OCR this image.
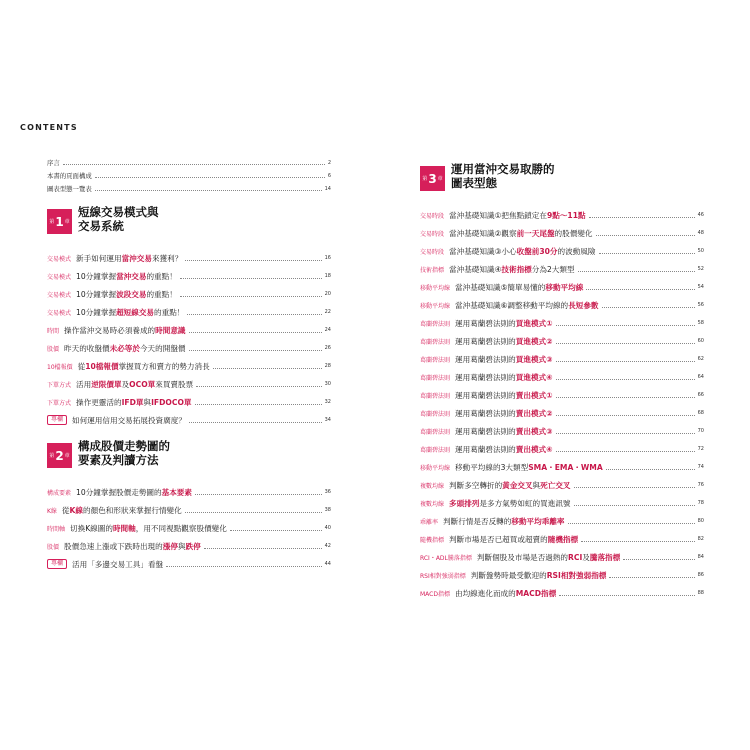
CONTENTS
序言	2
本書的頁面構成	6
圖表型態一覽表	14
第 1 章
短線交易模式與
交易系統
交易模式 新手如何運用當沖交易來獲利？	16
交易模式 10分鐘掌握當沖交易的重點！	18
交易模式 10分鐘掌握波段交易的重點！	20
交易模式 10分鐘掌握超短線交易的重點！	22
時間 操作當沖交易時必須養成的時間意識	24
股價 昨天的收盤價未必等於今天的開盤價	26
10檔報價 從10檔報價掌握買方和賣方的勢力消長	28
下單方式 活用逆限價單及OCO單來買賣股票	30
下單方式 操作更靈活的IFD單與IFDOCO單	32
專欄	如何運用信用交易拓展投資廣度？	34
第 2 章
構成股價走勢圖的
要素及判讀方法
構成要素 10分鐘掌握股價走勢圖的基本要素	36
K線 從K線的顏色和形狀來掌握行情變化	38
時間軸 切換K線圖的時間軸，用不同視點觀察股價變化	40
股價 股價急速上漲或下跌時出現的漲停與跌停	42
專欄	活用「多邊交易工具」看盤	44
第 3 章
運用當沖交易取勝的
圖表型態
交易時段 當沖基礎知識①把焦點鎖定在9點～11點	46
交易時段 當沖基礎知識②觀察前一天尾盤的股價變化	48
交易時段 當沖基礎知識③小心收盤前30分的波動風險	50
技術指標 當沖基礎知識④技術指標分為2大類型	52
移動平均線 當沖基礎知識⑤簡單易懂的移動平均線	54
移動平均線 當沖基礎知識⑥調整移動平均線的長短參數	56
葛蘭碧法則 運用葛蘭碧法則的買進模式①	58
葛蘭碧法則 運用葛蘭碧法則的買進模式②	60
葛蘭碧法則 運用葛蘭碧法則的買進模式③	62
葛蘭碧法則 運用葛蘭碧法則的買進模式④	64
葛蘭碧法則 運用葛蘭碧法則的賣出模式①	66
葛蘭碧法則 運用葛蘭碧法則的賣出模式②	68
葛蘭碧法則 運用葛蘭碧法則的賣出模式③	70
葛蘭碧法則 運用葛蘭碧法則的賣出模式④	72
移動平均線 移動平均線的3大類型SMA・EMA・WMA	74
複數均線 判斷多空轉折的黃金交叉與死亡交叉	76
複數均線 多頭排列是多方氣勢如虹的買進訊號	78
乖離率 判斷行情是否反轉的移動平均乖離率	80
隨機指標 判斷市場是否已超買或超賣的隨機指標	82
RCI・ADL騰落指標 判斷個股及市場是否過熱的RCI及騰落指標	84
RSI相對強弱指標 判斷盤勢時最受歡迎的RSI相對強弱指標	86
MACD指標 由均線進化而成的MACD指標	88
